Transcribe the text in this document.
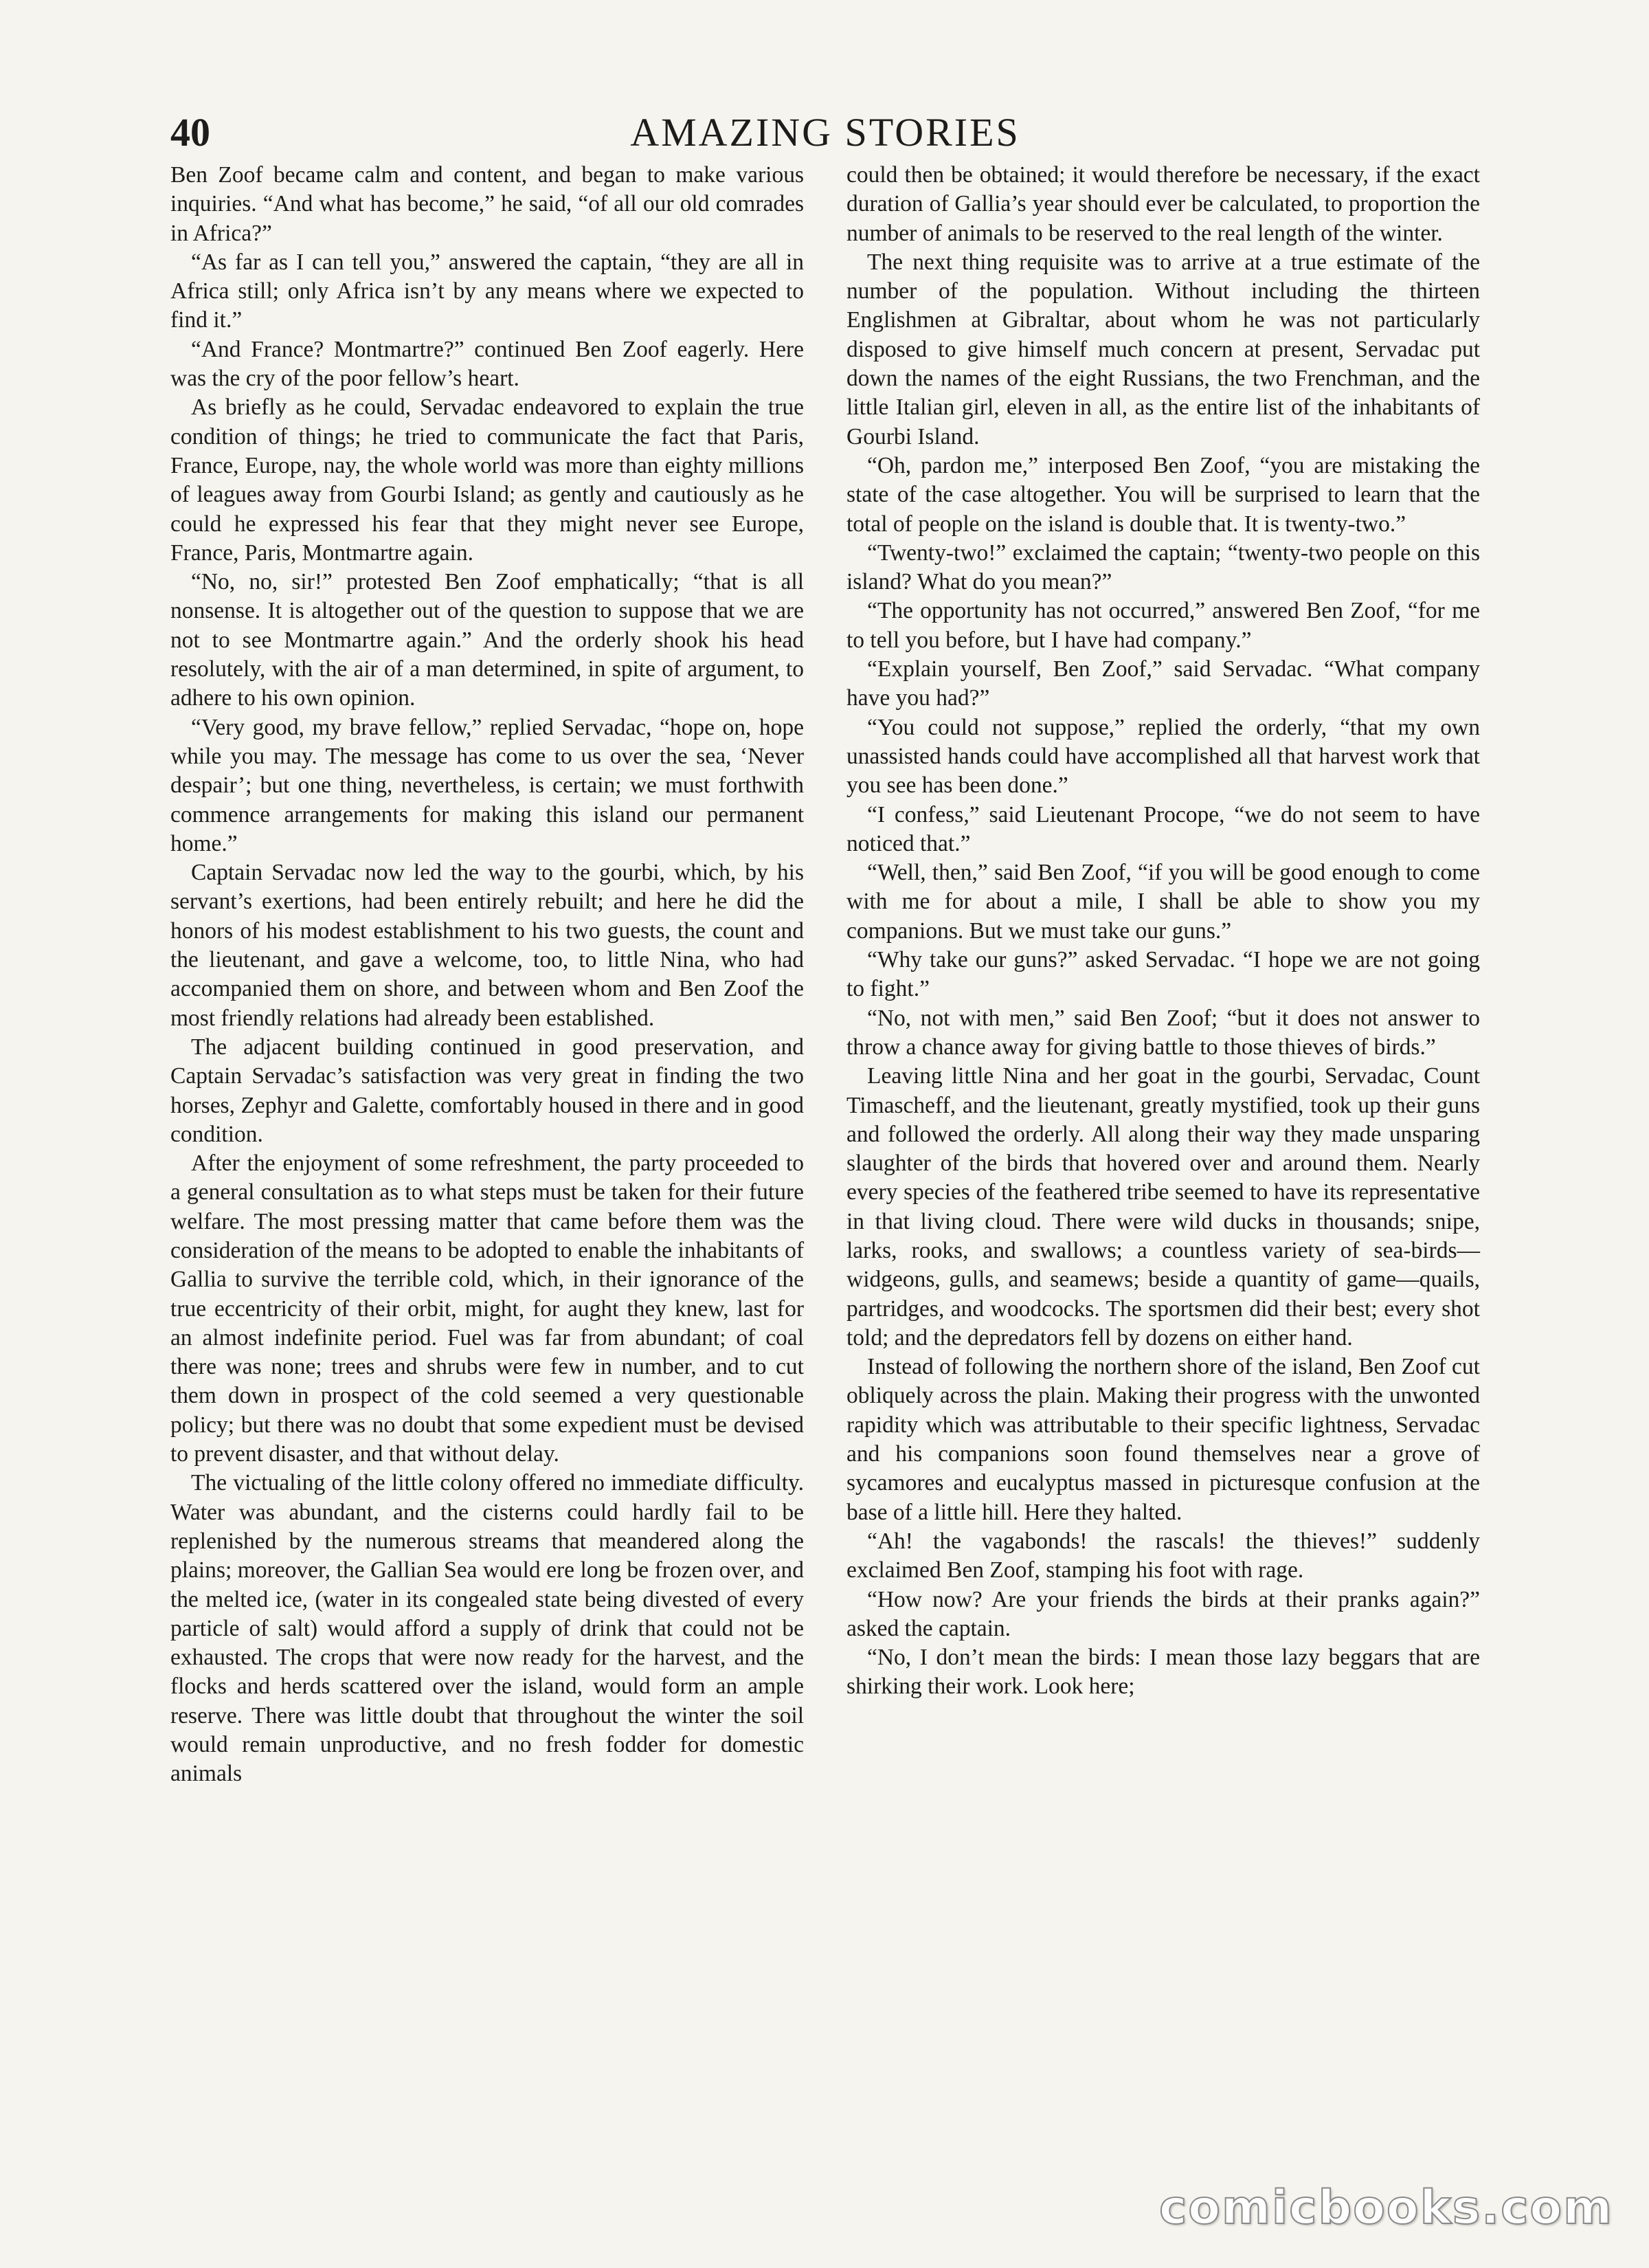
40	AMAZING STORIES

Ben Zoof became calm and content, and began to make various inquiries. “And what has become,” he said, “of all our old comrades in Africa?”

“As far as I can tell you,” answered the captain, “they are all in Africa still; only Africa isn’t by any means where we expected to find it.”

“And France? Montmartre?” continued Ben Zoof eagerly. Here was the cry of the poor fellow’s heart.

As briefly as he could, Servadac endeavored to explain the true condition of things; he tried to communicate the fact that Paris, France, Europe, nay, the whole world was more than eighty millions of leagues away from Gourbi Island; as gently and cautiously as he could he expressed his fear that they might never see Europe, France, Paris, Montmartre again.

“No, no, sir!” protested Ben Zoof emphatically; “that is all nonsense. It is altogether out of the question to suppose that we are not to see Montmartre again.” And the orderly shook his head resolutely, with the air of a man determined, in spite of argument, to adhere to his own opinion.

“Very good, my brave fellow,” replied Servadac, “hope on, hope while you may. The message has come to us over the sea, ‘Never despair’; but one thing, nevertheless, is certain; we must forthwith commence arrangements for making this island our permanent home.”

Captain Servadac now led the way to the gourbi, which, by his servant’s exertions, had been entirely rebuilt; and here he did the honors of his modest establishment to his two guests, the count and the lieutenant, and gave a welcome, too, to little Nina, who had accompanied them on shore, and between whom and Ben Zoof the most friendly relations had already been established.

The adjacent building continued in good preservation, and Captain Servadac’s satisfaction was very great in finding the two horses, Zephyr and Galette, comfortably housed in there and in good condition.

After the enjoyment of some refreshment, the party proceeded to a general consultation as to what steps must be taken for their future welfare. The most pressing matter that came before them was the consideration of the means to be adopted to enable the inhabitants of Gallia to survive the terrible cold, which, in their ignorance of the true eccentricity of their orbit, might, for aught they knew, last for an almost indefinite period. Fuel was far from abundant; of coal there was none; trees and shrubs were few in number, and to cut them down in prospect of the cold seemed a very questionable policy; but there was no doubt that some expedient must be devised to prevent disaster, and that without delay.

The victualing of the little colony offered no immediate difficulty. Water was abundant, and the cisterns could hardly fail to be replenished by the numerous streams that meandered along the plains; moreover, the Gallian Sea would ere long be frozen over, and the melted ice, (water in its congealed state being divested of every particle of salt) would afford a supply of drink that could not be exhausted. The crops that were now ready for the harvest, and the flocks and herds scattered over the island, would form an ample reserve. There was little doubt that throughout the winter the soil would remain unproductive, and no fresh fodder for domestic animals

could then be obtained; it would therefore be necessary, if the exact duration of Gallia’s year should ever be calculated, to proportion the number of animals to be reserved to the real length of the winter.

The next thing requisite was to arrive at a true estimate of the number of the population. Without including the thirteen Englishmen at Gibraltar, about whom he was not particularly disposed to give himself much concern at present, Servadac put down the names of the eight Russians, the two Frenchman, and the little Italian girl, eleven in all, as the entire list of the inhabitants of Gourbi Island.

“Oh, pardon me,” interposed Ben Zoof, “you are mistaking the state of the case altogether. You will be surprised to learn that the total of people on the island is double that. It is twenty-two.”

“Twenty-two!” exclaimed the captain; “twenty-two people on this island? What do you mean?”

“The opportunity has not occurred,” answered Ben Zoof, “for me to tell you before, but I have had company.”

“Explain yourself, Ben Zoof,” said Servadac. “What company have you had?”

“You could not suppose,” replied the orderly, “that my own unassisted hands could have accomplished all that harvest work that you see has been done.”

“I confess,” said Lieutenant Procope, “we do not seem to have noticed that.”

“Well, then,” said Ben Zoof, “if you will be good enough to come with me for about a mile, I shall be able to show you my companions. But we must take our guns.”

“Why take our guns?” asked Servadac. “I hope we are not going to fight.”

“No, not with men,” said Ben Zoof; “but it does not answer to throw a chance away for giving battle to those thieves of birds.”

Leaving little Nina and her goat in the gourbi, Servadac, Count Timascheff, and the lieutenant, greatly mystified, took up their guns and followed the orderly. All along their way they made unsparing slaughter of the birds that hovered over and around them. Nearly every species of the feathered tribe seemed to have its representative in that living cloud. There were wild ducks in thousands; snipe, larks, rooks, and swallows; a countless variety of sea-birds—widgeons, gulls, and seamews; beside a quantity of game—quails, partridges, and woodcocks. The sportsmen did their best; every shot told; and the depredators fell by dozens on either hand.

Instead of following the northern shore of the island, Ben Zoof cut obliquely across the plain. Making their progress with the unwonted rapidity which was attributable to their specific lightness, Servadac and his companions soon found themselves near a grove of sycamores and eucalyptus massed in picturesque confusion at the base of a little hill. Here they halted.

“Ah! the vagabonds! the rascals! the thieves!” suddenly exclaimed Ben Zoof, stamping his foot with rage.

“How now? Are your friends the birds at their pranks again?” asked the captain.

“No, I don’t mean the birds: I mean those lazy beggars that are shirking their work. Look here;

comicbooks.com
